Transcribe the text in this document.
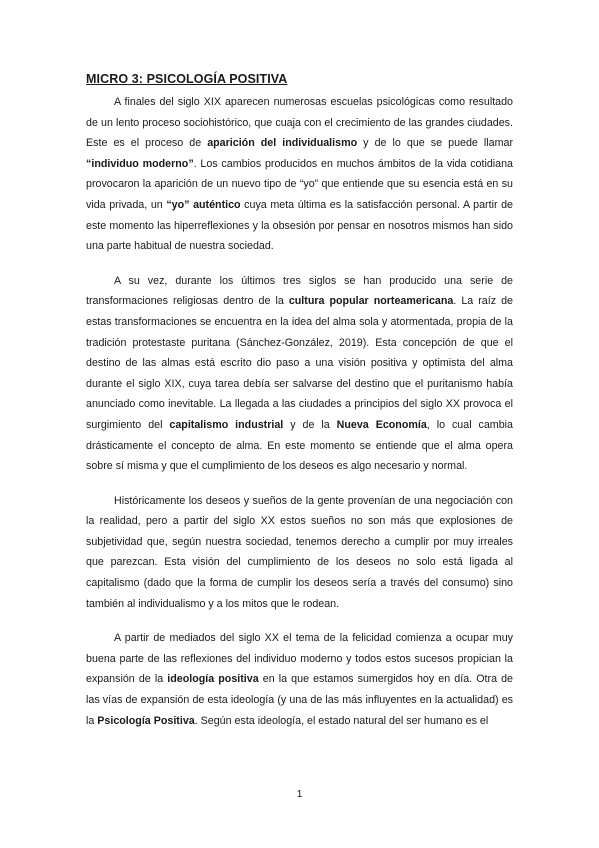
MICRO 3: PSICOLOGÍA POSITIVA

A finales del siglo XIX aparecen numerosas escuelas psicológicas como resultado de un lento proceso sociohistórico, que cuaja con el crecimiento de las grandes ciudades. Este es el proceso de aparición del individualismo y de lo que se puede llamar “individuo moderno”. Los cambios producidos en muchos ámbitos de la vida cotidiana provocaron la aparición de un nuevo tipo de “yo” que entiende que su esencia está en su vida privada, un “yo” auténtico cuya meta última es la satisfacción personal. A partir de este momento las hiperreflexiones y la obsesión por pensar en nosotros mismos han sido una parte habitual de nuestra sociedad.

A su vez, durante los últimos tres siglos se han producido una serie de transformaciones religiosas dentro de la cultura popular norteamericana. La raíz de estas transformaciones se encuentra en la idea del alma sola y atormentada, propia de la tradición protestaste puritana (Sánchez-González, 2019). Esta concepción de que el destino de las almas está escrito dio paso a una visión positiva y optimista del alma durante el siglo XIX, cuya tarea debía ser salvarse del destino que el puritanismo había anunciado como inevitable. La llegada a las ciudades a principios del siglo XX provoca el surgimiento del capitalismo industrial y de la Nueva Economía, lo cual cambia drásticamente el concepto de alma. En este momento se entiende que el alma opera sobre sí misma y que el cumplimiento de los deseos es algo necesario y normal.

Históricamente los deseos y sueños de la gente provenían de una negociación con la realidad, pero a partir del siglo XX estos sueños no son más que explosiones de subjetividad que, según nuestra sociedad, tenemos derecho a cumplir por muy irreales que parezcan. Esta visión del cumplimiento de los deseos no solo está ligada al capitalismo (dado que la forma de cumplir los deseos sería a través del consumo) sino también al individualismo y a los mitos que le rodean.

A partir de mediados del siglo XX el tema de la felicidad comienza a ocupar muy buena parte de las reflexiones del individuo moderno y todos estos sucesos propician la expansión de la ideología positiva en la que estamos sumergidos hoy en día. Otra de las vías de expansión de esta ideología (y una de las más influyentes en la actualidad) es la Psicología Positiva. Según esta ideología, el estado natural del ser humano es el

1
